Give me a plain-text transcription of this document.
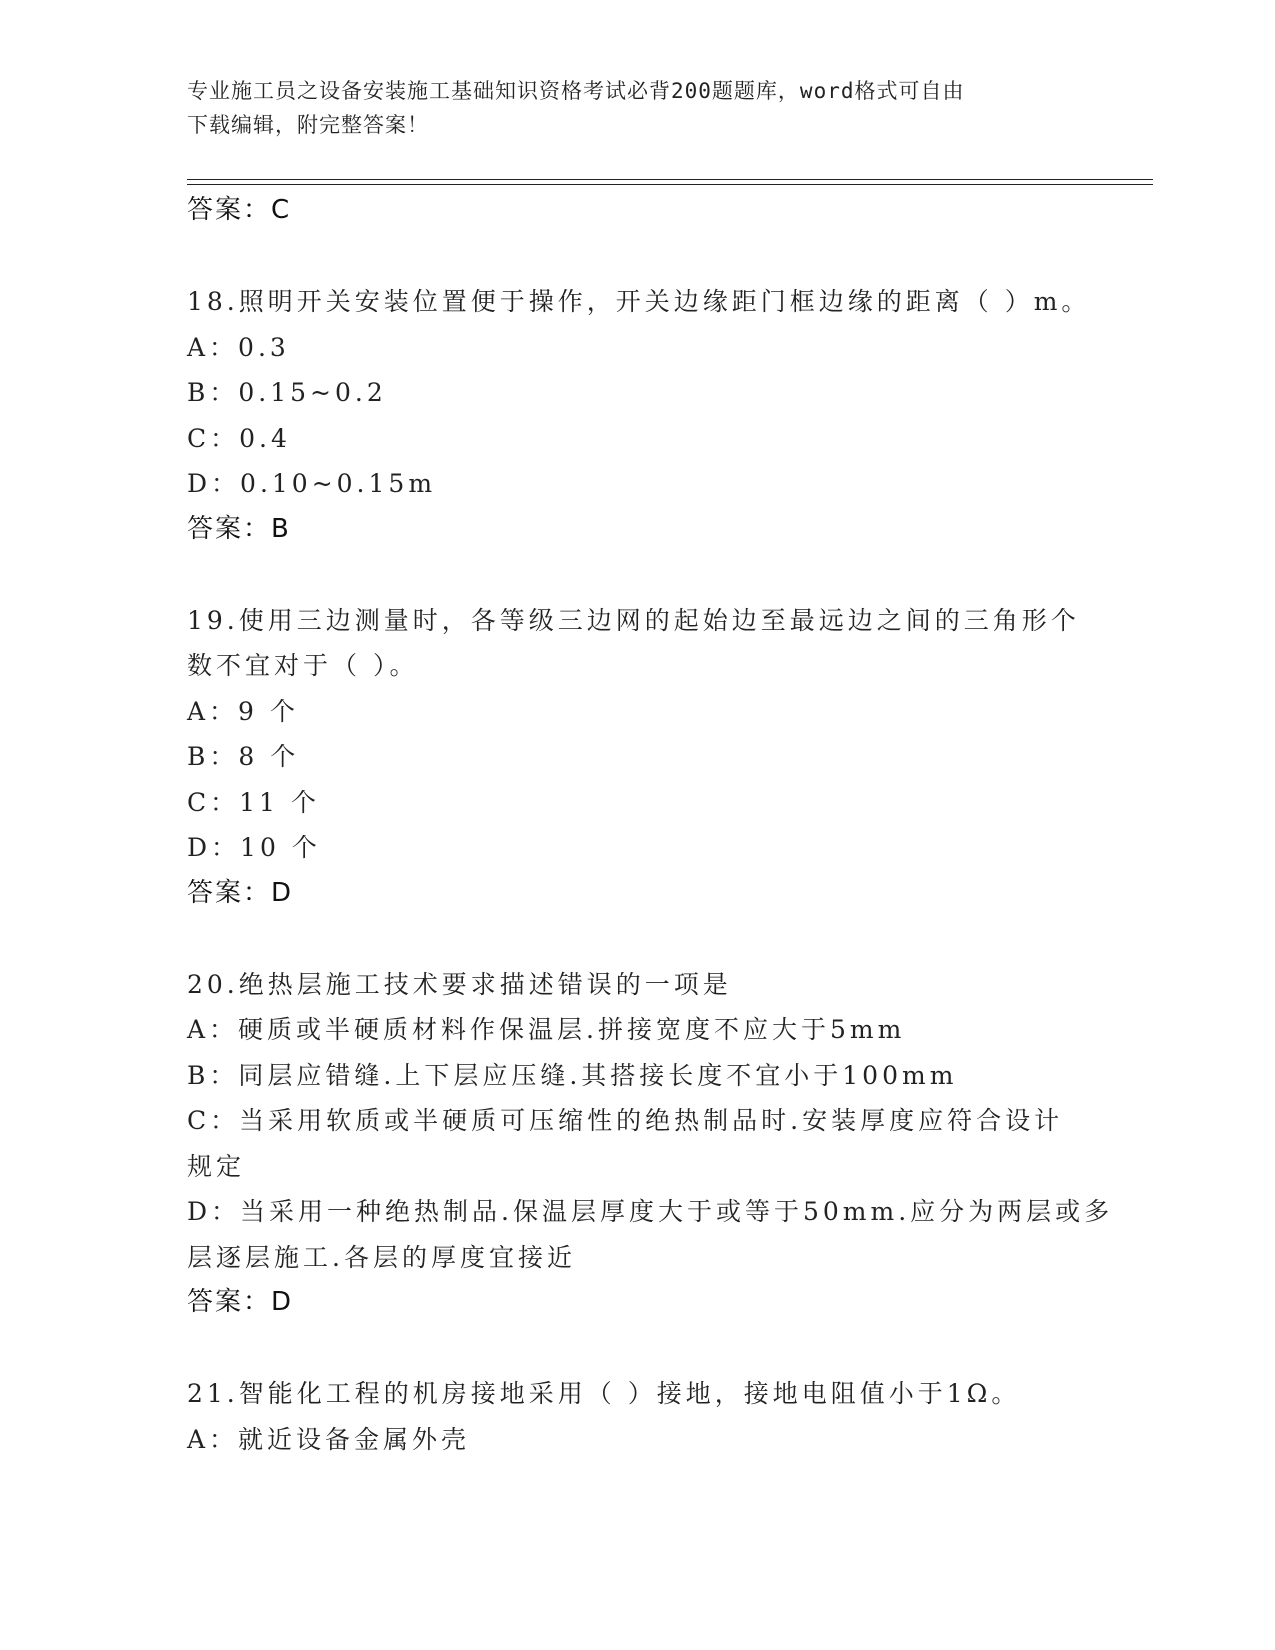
专业施工员之设备安装施工基础知识资格考试必背200题题库，word格式可自由
下载编辑，附完整答案！
答案：C
18.照明开关安装位置便于操作，开关边缘距门框边缘的距离（ ）m。
A：0.3
B：0.15~0.2
C：0.4
D：0.10~0.15m
答案：B
19.使用三边测量时，各等级三边网的起始边至最远边之间的三角形个
数不宜对于（ ）。
A：9 个
B：8 个
C：11 个
D：10 个
答案：D
20.绝热层施工技术要求描述错误的一项是
A：硬质或半硬质材料作保温层.拼接宽度不应大于5mm
B：同层应错缝.上下层应压缝.其搭接长度不宜小于100mm
C：当采用软质或半硬质可压缩性的绝热制品时.安装厚度应符合设计
规定
D：当采用一种绝热制品.保温层厚度大于或等于50mm.应分为两层或多
层逐层施工.各层的厚度宜接近
答案：D
21.智能化工程的机房接地采用（ ）接地，接地电阻值小于1Ω。
A：就近设备金属外壳
